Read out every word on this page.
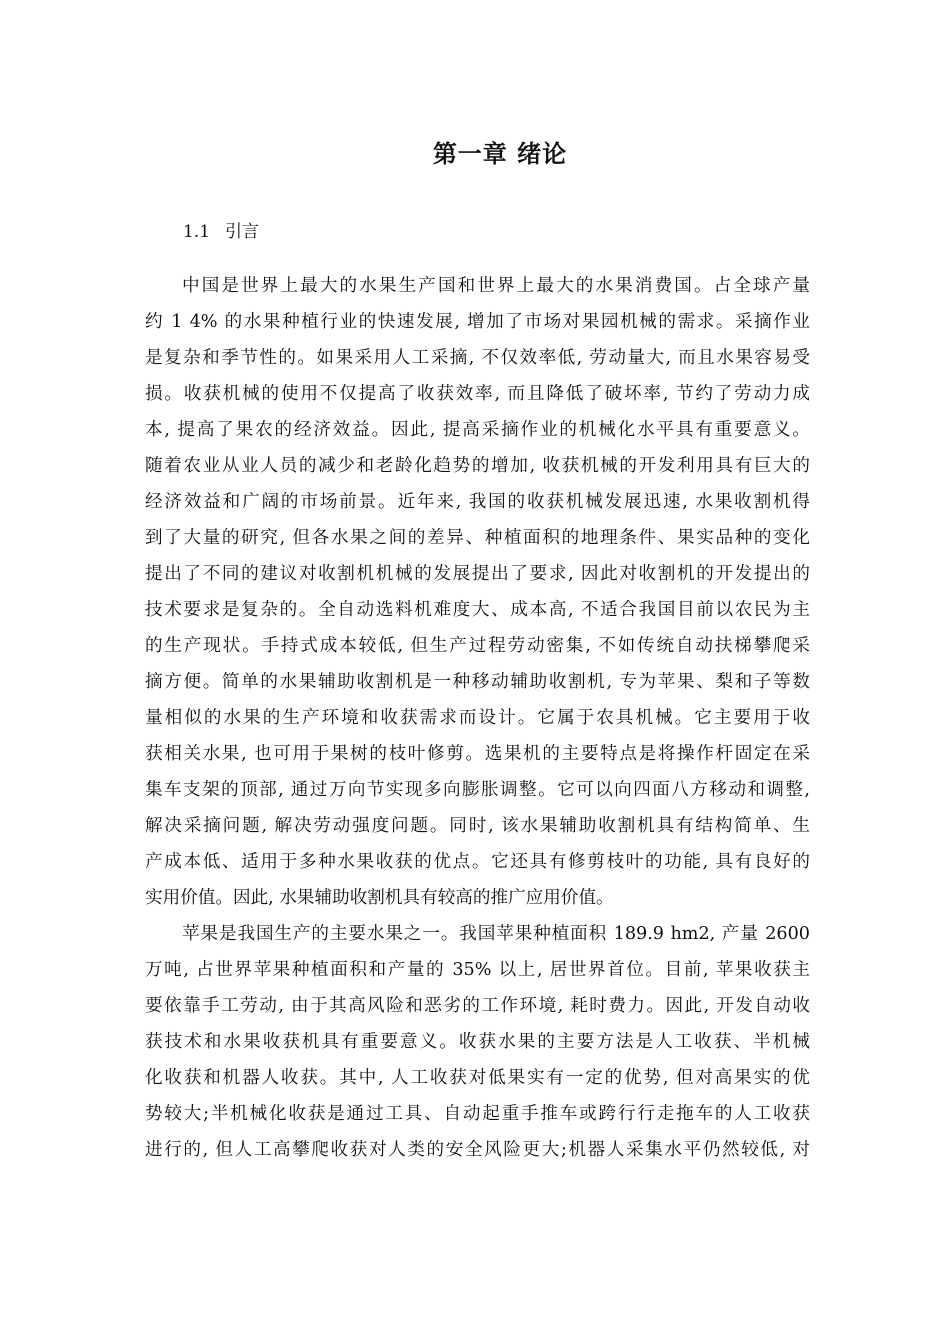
第一章 绪论
1.1 引言
中国是世界上最大的水果生产国和世界上最大的水果消费国。占全球产量
约 1 4% 的水果种植行业的快速发展, 增加了市场对果园机械的需求。采摘作业
是复杂和季节性的。如果采用人工采摘, 不仅效率低, 劳动量大, 而且水果容易受
损。收获机械的使用不仅提高了收获效率, 而且降低了破坏率, 节约了劳动力成
本, 提高了果农的经济效益。因此, 提高采摘作业的机械化水平具有重要意义。
随着农业从业人员的减少和老龄化趋势的增加, 收获机械的开发利用具有巨大的
经济效益和广阔的市场前景。近年来, 我国的收获机械发展迅速, 水果收割机得
到了大量的研究, 但各水果之间的差异、种植面积的地理条件、果实品种的变化
提出了不同的建议对收割机机械的发展提出了要求, 因此对收割机的开发提出的
技术要求是复杂的。全自动选料机难度大、成本高, 不适合我国目前以农民为主
的生产现状。手持式成本较低, 但生产过程劳动密集, 不如传统自动扶梯攀爬采
摘方便。简单的水果辅助收割机是一种移动辅助收割机, 专为苹果、梨和子等数
量相似的水果的生产环境和收获需求而设计。它属于农具机械。它主要用于收
获相关水果, 也可用于果树的枝叶修剪。选果机的主要特点是将操作杆固定在采
集车支架的顶部, 通过万向节实现多向膨胀调整。它可以向四面八方移动和调整,
解决采摘问题, 解决劳动强度问题。同时, 该水果辅助收割机具有结构简单、生
产成本低、适用于多种水果收获的优点。它还具有修剪枝叶的功能, 具有良好的
实用价值。因此, 水果辅助收割机具有较高的推广应用价值。
苹果是我国生产的主要水果之一。我国苹果种植面积 189.9 hm2, 产量 2600
万吨, 占世界苹果种植面积和产量的 35% 以上, 居世界首位。目前, 苹果收获主
要依靠手工劳动, 由于其高风险和恶劣的工作环境, 耗时费力。因此, 开发自动收
获技术和水果收获机具有重要意义。收获水果的主要方法是人工收获、半机械
化收获和机器人收获。其中, 人工收获对低果实有一定的优势, 但对高果实的优
势较大;半机械化收获是通过工具、自动起重手推车或跨行行走拖车的人工收获
进行的, 但人工高攀爬收获对人类的安全风险更大;机器人采集水平仍然较低, 对
